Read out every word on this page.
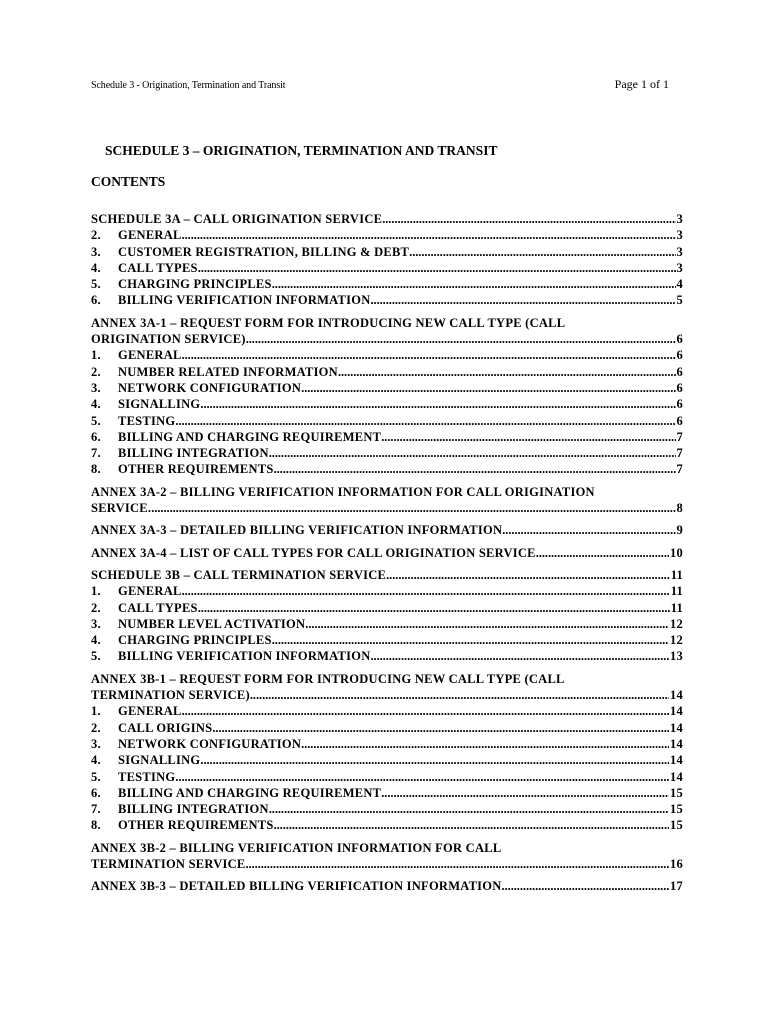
Schedule 3 - Origination, Termination and Transit	Page 1 of 1
SCHEDULE 3 – ORIGINATION, TERMINATION AND TRANSIT
CONTENTS
SCHEDULE 3A – CALL ORIGINATION SERVICE . . .	3
2.	GENERAL . . .	3
3.	CUSTOMER REGISTRATION, BILLING & DEBT . . .	3
4.	CALL TYPES . . .	3
5.	CHARGING PRINCIPLES . . .	4
6.	BILLING VERIFICATION INFORMATION . . .	5
ANNEX 3A-1 – REQUEST FORM FOR INTRODUCING NEW CALL TYPE (CALL
ORIGINATION SERVICE) . . .	6
1.	GENERAL . . .	6
2.	NUMBER RELATED INFORMATION . . .	6
3.	NETWORK CONFIGURATION . . .	6
4.	SIGNALLING . . .	6
5.	TESTING . . .	6
6.	BILLING AND CHARGING REQUIREMENT . . .	7
7.	BILLING INTEGRATION . . .	7
8.	OTHER REQUIREMENTS . . .	7
ANNEX 3A-2 – BILLING VERIFICATION INFORMATION FOR CALL ORIGINATION
SERVICE. . . .	8
ANNEX 3A-3 – DETAILED BILLING VERIFICATION INFORMATION . . .	9
ANNEX 3A-4 – LIST OF CALL TYPES FOR CALL ORIGINATION SERVICE . . .	10
SCHEDULE 3B – CALL TERMINATION SERVICE . . .	11
1.	GENERAL . . .	11
2.	CALL TYPES . . .	11
3.	NUMBER LEVEL ACTIVATION . . .	12
4.	CHARGING PRINCIPLES . . .	12
5.	BILLING VERIFICATION INFORMATION . . .	13
ANNEX 3B-1 – REQUEST FORM FOR INTRODUCING NEW CALL TYPE (CALL
TERMINATION SERVICE) . . .	14
1.	GENERAL . . .	14
2.	CALL ORIGINS . . .	14
3.	NETWORK CONFIGURATION . . .	14
4.	SIGNALLING . . .	14
5.	TESTING . . .	14
6.	BILLING AND CHARGING REQUIREMENT . . .	15
7.	BILLING INTEGRATION . . .	15
8.	OTHER REQUIREMENTS . . .	15
ANNEX 3B-2 – BILLING VERIFICATION INFORMATION FOR CALL
TERMINATION SERVICE . . .	16
ANNEX 3B-3 – DETAILED BILLING VERIFICATION INFORMATION . . .	17
